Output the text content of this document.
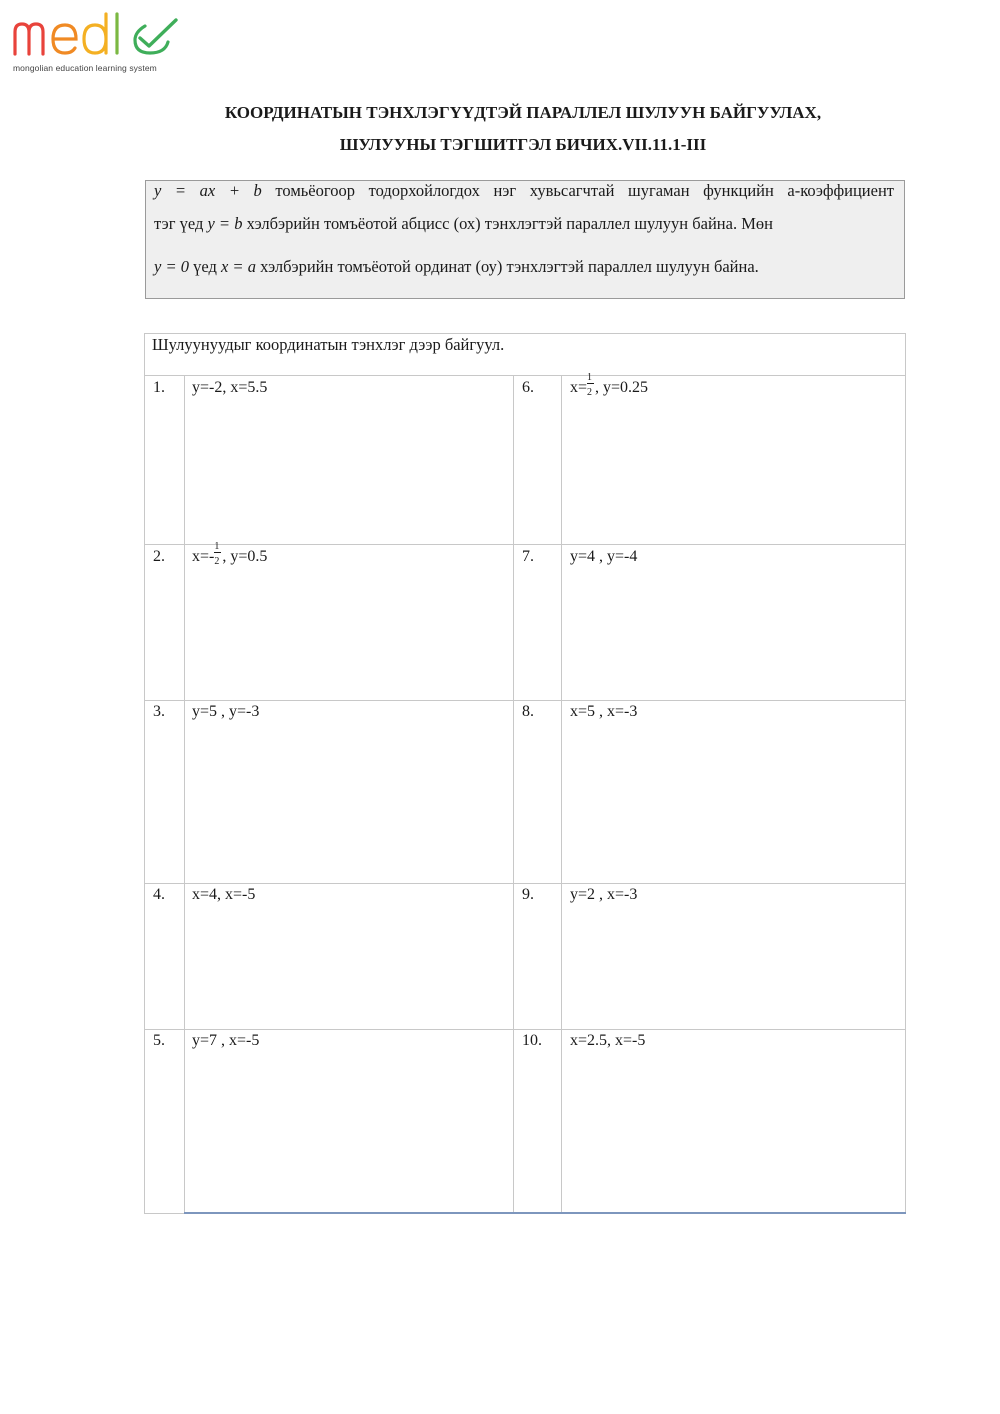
mongolian education learning system
КООРДИНАТЫН ТЭНХЛЭГҮҮДТЭЙ ПАРАЛЛЕЛ ШУЛУУН БАЙГУУЛАХ,
ШУЛУУНЫ ТЭГШИТГЭЛ БИЧИХ.VII.11.1-III
y = ax + b томьёогоор тодорхойлогдох нэг хувьсагчтай шугаман функцийн а-коэффициент
тэг үед y = b хэлбэрийн томъёотой абцисс (ох) тэнхлэгтэй параллел шулуун байна. Мөн
y = 0 үед x = a хэлбэрийн томъёотой ординат (оу) тэнхлэгтэй параллел шулуун байна.
Шулуунуудыг координатын тэнхлэг дээр байгуул.
1. y=-2, x=5.5
2. x=-
$\frac{1}{2}$
, y=0.5
3. y=5 , y=-3
4. x=4, x=-5
5. y=7 , x=-5
6. x=
$\frac{1}{2}$
, y=0.25
7. y=4 , y=-4
8. x=5 , x=-3
9. y=2 , x=-3
10. x=2.5, x=-5
